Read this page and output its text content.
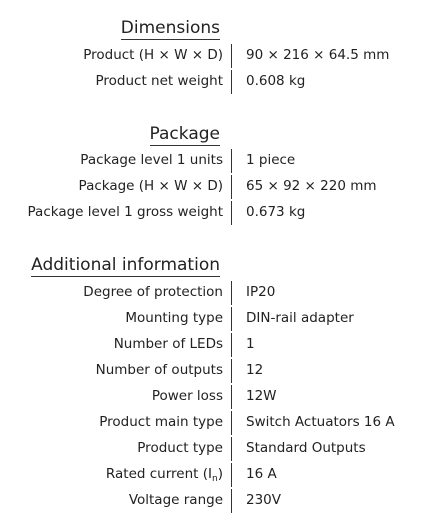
Dimensions
Product (H × W × D) 90 × 216 × 64.5 mm
Product net weight 0.608 kg
Package
Package level 1 units 1 piece
Package (H × W × D) 65 × 92 × 220 mm
Package level 1 gross weight 0.673 kg
Additional information
Degree of protection IP20
Mounting type DIN-rail adapter
Number of LEDs 1
Number of outputs 12
Power loss 12W
Product main type Switch Actuators 16 A
Product type Standard Outputs
Rated current $(I_n)$ 16 A
Voltage range 230V
